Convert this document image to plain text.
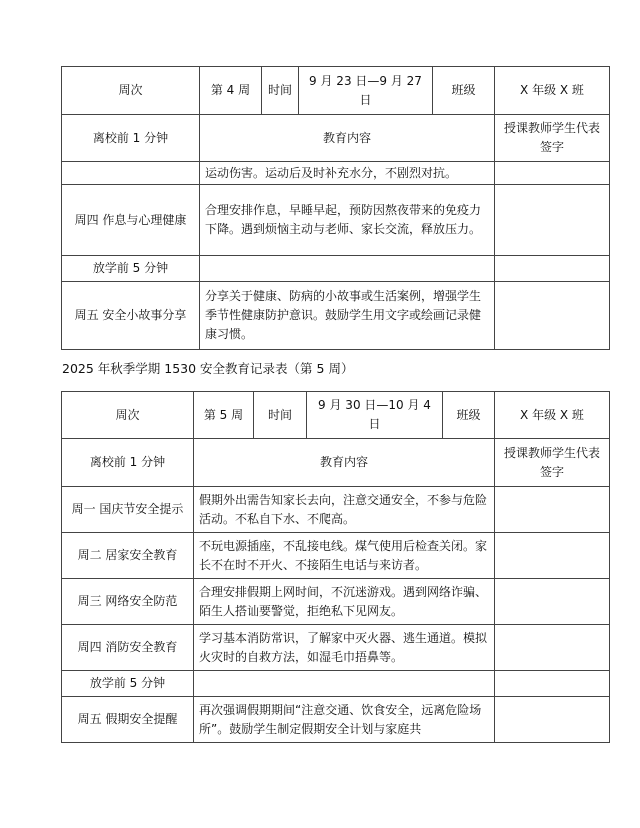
周次	第 4 周	时间	9 月 23 日—9 月 27 日	班级	X 年级 X 班
离校前 1 分钟	教育内容				授课教师学生代表签字
	运动伤害。运动后及时补充水分，不剧烈对抗。				
周四 作息与心理健康	合理安排作息，早睡早起，预防因熬夜带来的免疫力下降。遇到烦恼主动与老师、家长交流，释放压力。				
放学前 5 分钟					
周五 安全小故事分享	分享关于健康、防病的小故事或生活案例，增强学生季节性健康防护意识。鼓励学生用文字或绘画记录健康习惯。				
2025 年秋季学期 1530 安全教育记录表（第 5 周）
周次	第 5 周	时间	9 月 30 日—10 月 4 日	班级	X 年级 X 班
离校前 1 分钟	教育内容				授课教师学生代表签字
周一 国庆节安全提示	假期外出需告知家长去向，注意交通安全，不参与危险活动。不私自下水、不爬高。				
周二 居家安全教育	不玩电源插座，不乱接电线。煤气使用后检查关闭。家长不在时不开火、不接陌生电话与来访者。				
周三 网络安全防范	合理安排假期上网时间，不沉迷游戏。遇到网络诈骗、陌生人搭讪要警觉，拒绝私下见网友。				
周四 消防安全教育	学习基本消防常识，了解家中灭火器、逃生通道。模拟火灾时的自救方法，如湿毛巾捂鼻等。				
放学前 5 分钟					
周五 假期安全提醒	再次强调假期期间“注意交通、饮食安全，远离危险场所”。鼓励学生制定假期安全计划与家庭共				
